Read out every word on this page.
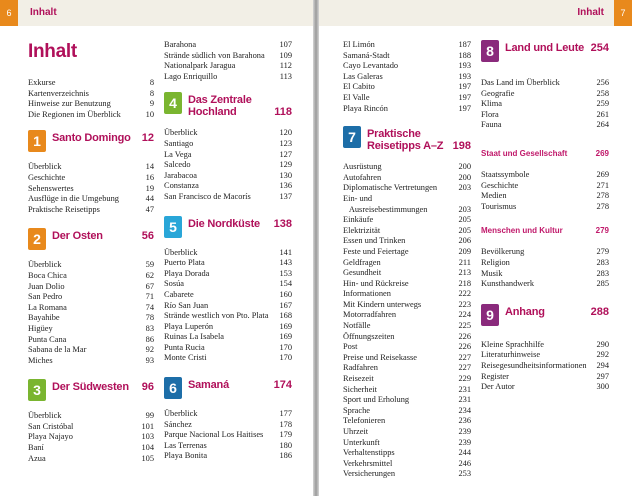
6	Inhalt
Inhalt
Exkurse	8
Kartenverzeichnis	8
Hinweise zur Benutzung	9
Die Regionen im Überblick	10
1	Santo Domingo	12
Überblick	14
Geschichte	16
Sehenswertes	19
Ausflüge in die Umgebung	44
Praktische Reisetipps	47
2	Der Osten	56
Überblick	59
Boca Chica	62
Juan Dolio	67
San Pedro	71
La Romana	74
Bayahibe	78
Higüey	83
Punta Cana	86
Sabana de la Mar	92
Miches	93
3	Der Südwesten	96
Überblick	99
San Cristóbal	101
Playa Najayo	103
Baní	104
Azua	105
Barahona	107
Strände südlich von Barahona	109
Nationalpark Jaragua	112
Lago Enriquillo	113
4	Das Zentrale Hochland	118
Überblick	120
Santiago	123
La Vega	127
Salcedo	129
Jarabacoa	130
Constanza	136
San Francisco de Macorís	137
5	Die Nordküste	138
Überblick	141
Puerto Plata	143
Playa Dorada	153
Sosúa	154
Cabarete	160
Río San Juan	167
Strände westlich von Pto. Plata	168
Playa Luperón	169
Ruinas La Isabela	169
Punta Rucia	170
Monte Cristi	170
6	Samaná	174
Überblick	177
Sánchez	178
Parque Nacional Los Haitises	179
Las Terrenas	180
Playa Bonita	186
Inhalt	7
El Limón	187
Samaná-Stadt	188
Cayo Levantado	193
Las Galeras	193
El Cabito	197
El Valle	197
Playa Rincón	197
7	Praktische Reisetipps A–Z 198
Ausrüstung	200
Autofahren	200
Diplomatische Vertretungen	203
Ein- und
Ausreisebestimmungen	203
Einkäufe	205
Elektrizität	205
Essen und Trinken	206
Feste und Feiertage	209
Geldfragen	211
Gesundheit	213
Hin- und Rückreise	218
Informationen	222
Mit Kindern unterwegs	223
Motorradfahren	224
Notfälle	225
Öffnungszeiten	226
Post	226
Preise und Reisekasse	227
Radfahren	227
Reisezeit	229
Sicherheit	231
Sport und Erholung	231
Sprache	234
Telefonieren	236
Uhrzeit	239
Unterkunft	239
Verhaltenstipps	244
Verkehrsmittel	246
Versicherungen	253
8	Land und Leute 254
Das Land im Überblick	256
Geografie	258
Klima	259
Flora	261
Fauna	264
Staat und Gesellschaft	269
Staatssymbole	269
Geschichte	271
Medien	278
Tourismus	278
Menschen und Kultur	279
Bevölkerung	279
Religion	283
Musik	283
Kunsthandwerk	285
9	Anhang	288
Kleine Sprachhilfe	290
Literaturhinweise	292
Reisegesundheitsinformationen	294
Register	297
Der Autor	300
